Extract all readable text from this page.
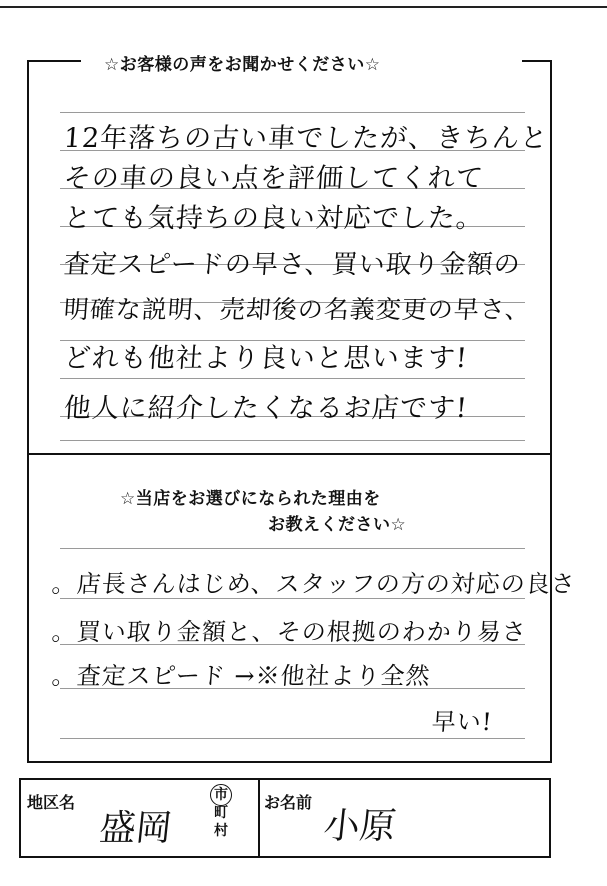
☆お客様の声をお聞かせください☆
12年落ちの古い車でしたが、きちんと
その車の良い点を評価してくれて
とても気持ちの良い対応でした。
査定スピードの早さ、買い取り金額の
明確な説明、売却後の名義変更の早さ、
どれも他社より良いと思います!
他人に紹介したくなるお店です!
☆当店をお選びになられた理由を
お教えください☆
。店長さんはじめ、スタッフの方の対応の良さ
。買い取り金額と、その根拠のわかり易さ
。査定スピード →※他社より全然
早い!
地区名
盛岡
市
町
村
お名前
小原
